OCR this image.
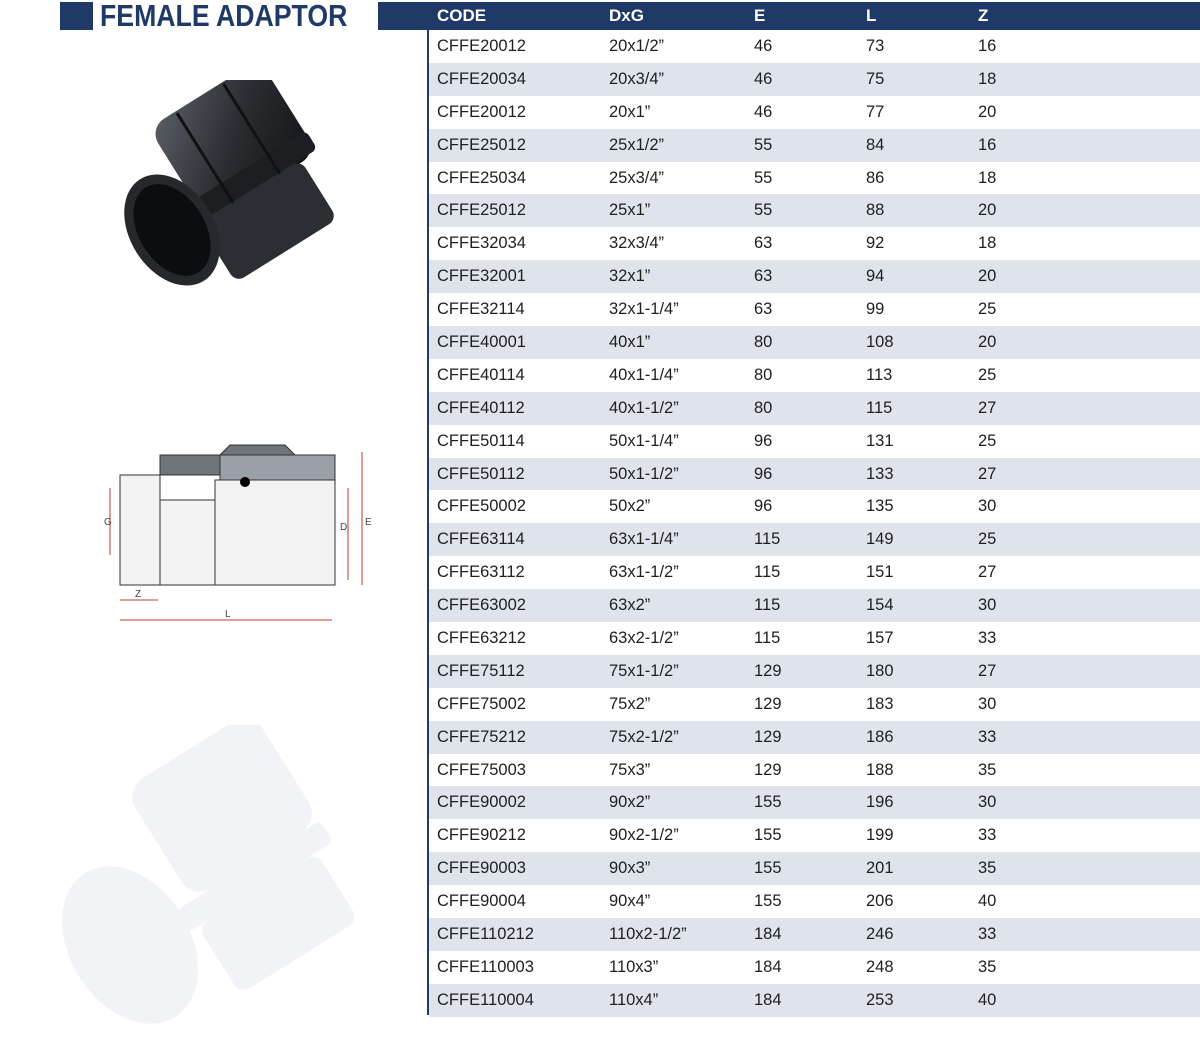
FEMALE ADAPTOR
G	D E
Z
L
CODE	DxG	E	L	Z
CFFE20012	20x1/2”	46	73	16
CFFE20034	20x3/4”	46	75	18
CFFE20012	20x1”	46	77	20
CFFE25012	25x1/2”	55	84	16
CFFE25034	25x3/4”	55	86	18
CFFE25012	25x1”	55	88	20
CFFE32034	32x3/4”	63	92	18
CFFE32001	32x1”	63	94	20
CFFE32114	32x1-1/4”	63	99	25
CFFE40001	40x1”	80	108	20
CFFE40114	40x1-1/4”	80	113	25
CFFE40112	40x1-1/2”	80	115	27
CFFE50114	50x1-1/4”	96	131	25
CFFE50112	50x1-1/2”	96	133	27
CFFE50002	50x2”	96	135	30
CFFE63114	63x1-1/4”	115	149	25
CFFE63112	63x1-1/2”	115	151	27
CFFE63002	63x2”	115	154	30
CFFE63212	63x2-1/2”	115	157	33
CFFE75112	75x1-1/2”	129	180	27
CFFE75002	75x2”	129	183	30
CFFE75212	75x2-1/2”	129	186	33
CFFE75003	75x3”	129	188	35
CFFE90002	90x2”	155	196	30
CFFE90212	90x2-1/2”	155	199	33
CFFE90003	90x3”	155	201	35
CFFE90004	90x4”	155	206	40
CFFE110212	110x2-1/2”	184	246	33
CFFE110003	110x3”	184	248	35
CFFE110004	110x4”	184	253	40
